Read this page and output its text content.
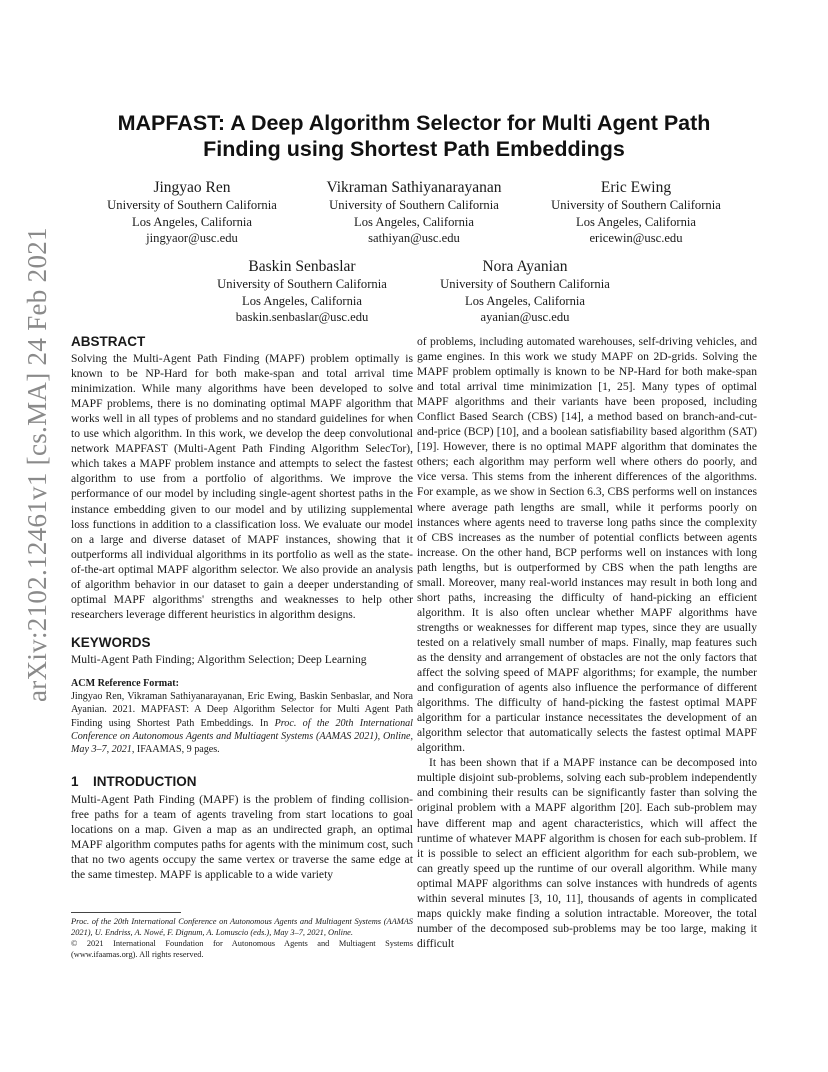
arXiv:2102.12461v1 [cs.MA] 24 Feb 2021
MAPFAST: A Deep Algorithm Selector for Multi Agent Path
Finding using Shortest Path Embeddings
Jingyao Ren
University of Southern California
Los Angeles, California
jingyaor@usc.edu
Vikraman Sathiyanarayanan
University of Southern California
Los Angeles, California
sathiyan@usc.edu
Eric Ewing
University of Southern California
Los Angeles, California
ericewin@usc.edu
Baskin Senbaslar
University of Southern California
Los Angeles, California
baskin.senbaslar@usc.edu
Nora Ayanian
University of Southern California
Los Angeles, California
ayanian@usc.edu

ABSTRACT

Solving the Multi-Agent Path Finding (MAPF) problem optimally is known to be NP-Hard for both make-span and total arrival time minimization. While many algorithms have been developed to solve MAPF problems, there is no dominating optimal MAPF algorithm that works well in all types of problems and no standard guidelines for when to use which algorithm. In this work, we develop the deep convolutional network MAPFAST (Multi-Agent Path Finding Algorithm SelecTor), which takes a MAPF problem instance and attempts to select the fastest algorithm to use from a portfolio of algorithms. We improve the performance of our model by including single-agent shortest paths in the instance embedding given to our model and by utilizing supplemental loss functions in addition to a classification loss. We evaluate our model on a large and diverse dataset of MAPF instances, showing that it outperforms all individual algorithms in its portfolio as well as the state-of-the-art optimal MAPF algorithm selector. We also provide an analysis of algorithm behavior in our dataset to gain a deeper understanding of optimal MAPF algorithms' strengths and weaknesses to help other researchers leverage different heuristics in algorithm designs.

KEYWORDS

Multi-Agent Path Finding; Algorithm Selection; Deep Learning

ACM Reference Format:
Jingyao Ren, Vikraman Sathiyanarayanan, Eric Ewing, Baskin Senbaslar, and Nora Ayanian. 2021. MAPFAST: A Deep Algorithm Selector for Multi Agent Path Finding using Shortest Path Embeddings. In Proc. of the 20th International Conference on Autonomous Agents and Multiagent Systems (AAMAS 2021), Online, May 3–7, 2021, IFAAMAS, 9 pages.

1 INTRODUCTION

Multi-Agent Path Finding (MAPF) is the problem of finding collision-free paths for a team of agents traveling from start locations to goal locations on a map. Given a map as an undirected graph, an optimal MAPF algorithm computes paths for agents with the minimum cost, such that no two agents occupy the same vertex or traverse the same edge at the same timestep. MAPF is applicable to a wide variety

of problems, including automated warehouses, self-driving vehicles, and game engines. In this work we study MAPF on 2D-grids. Solving the MAPF problem optimally is known to be NP-Hard for both make-span and total arrival time minimization [1, 25]. Many types of optimal MAPF algorithms and their variants have been proposed, including Conflict Based Search (CBS) [14], a method based on branch-and-cut-and-price (BCP) [10], and a boolean satisfiability based algorithm (SAT) [19]. However, there is no optimal MAPF algorithm that dominates the others; each algorithm may perform well where others do poorly, and vice versa. This stems from the inherent differences of the algorithms. For example, as we show in Section 6.3, CBS performs well on instances where average path lengths are small, while it performs poorly on instances where agents need to traverse long paths since the complexity of CBS increases as the number of potential conflicts between agents increase. On the other hand, BCP performs well on instances with long path lengths, but is outperformed by CBS when the path lengths are small. Moreover, many real-world instances may result in both long and short paths, increasing the difficulty of hand-picking an efficient algorithm. It is also often unclear whether MAPF algorithms have strengths or weaknesses for different map types, since they are usually tested on a relatively small number of maps. Finally, map features such as the density and arrangement of obstacles are not the only factors that affect the solving speed of MAPF algorithms; for example, the number and configuration of agents also influence the performance of different algorithms. The difficulty of hand-picking the fastest optimal MAPF algorithm for a particular instance necessitates the development of an algorithm selector that automatically selects the fastest optimal MAPF algorithm.

It has been shown that if a MAPF instance can be decomposed into multiple disjoint sub-problems, solving each sub-problem independently and combining their results can be significantly faster than solving the original problem with a MAPF algorithm [20]. Each sub-problem may have different map and agent characteristics, which will affect the runtime of whatever MAPF algorithm is chosen for each sub-problem. If it is possible to select an efficient algorithm for each sub-problem, we can greatly speed up the runtime of our overall algorithm. While many optimal MAPF algorithms can solve instances with hundreds of agents within several minutes [3, 10, 11], thousands of agents in complicated maps quickly make finding a solution intractable. Moreover, the total number of the decomposed sub-problems may be too large, making it difficult

Proc. of the 20th International Conference on Autonomous Agents and Multiagent Systems (AAMAS 2021), U. Endriss, A. Nowé, F. Dignum, A. Lomuscio (eds.), May 3–7, 2021, Online.
© 2021 International Foundation for Autonomous Agents and Multiagent Systems (www.ifaamas.org). All rights reserved.
